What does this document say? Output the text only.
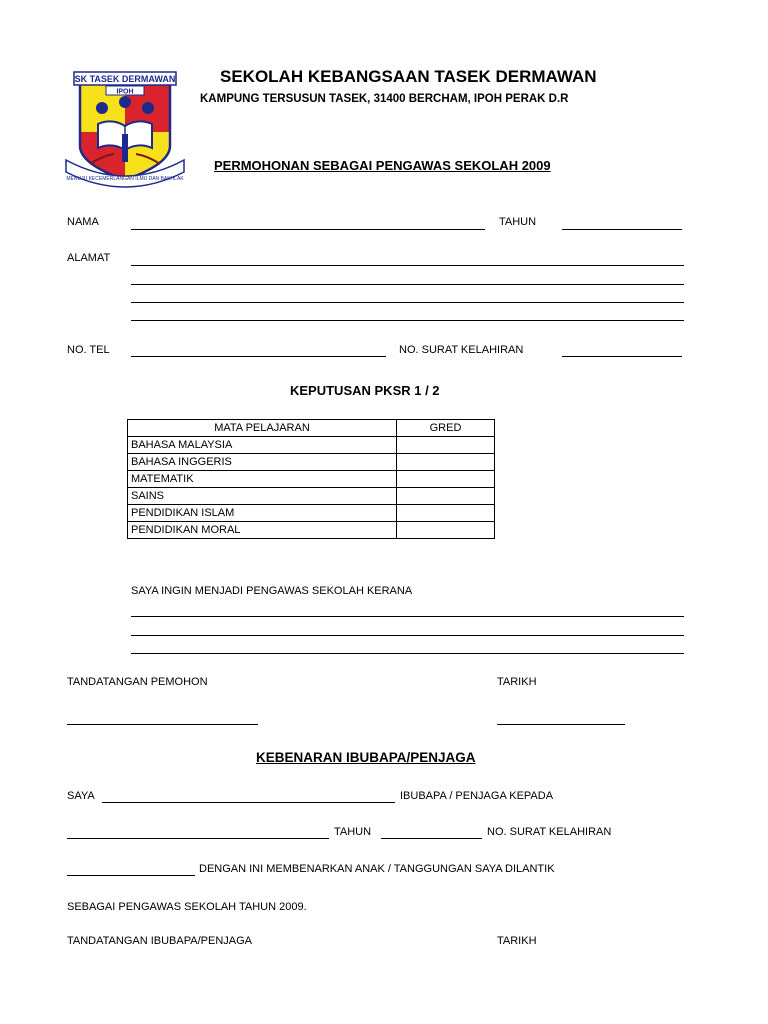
SK TASEK DERMAWAN
IPOH
MENUJU KECEMERLANGAN ILMU DAN BAKHLAK
SEKOLAH KEBANGSAAN TASEK DERMAWAN
KAMPUNG TERSUSUN TASEK, 31400 BERCHAM, IPOH PERAK D.R
PERMOHONAN SEBAGAI PENGAWAS SEKOLAH 2009
NAMA	TAHUN
ALAMAT
NO. TEL	NO. SURAT KELAHIRAN
KEPUTUSAN PKSR 1 / 2
MATA PELAJARAN	GRED
BAHASA MALAYSIA	
BAHASA INGGERIS	
MATEMATIK	
SAINS	
PENDIDIKAN ISLAM	
PENDIDIKAN MORAL	
SAYA INGIN MENJADI PENGAWAS SEKOLAH KERANA
TANDATANGAN PEMOHON	TARIKH
KEBENARAN IBUBAPA/PENJAGA
SAYA	IBUBAPA / PENJAGA KEPADA
TAHUN	NO. SURAT KELAHIRAN
DENGAN INI MEMBENARKAN ANAK / TANGGUNGAN SAYA DILANTIK
SEBAGAI PENGAWAS SEKOLAH TAHUN 2009.
TANDATANGAN IBUBAPA/PENJAGA	TARIKH
